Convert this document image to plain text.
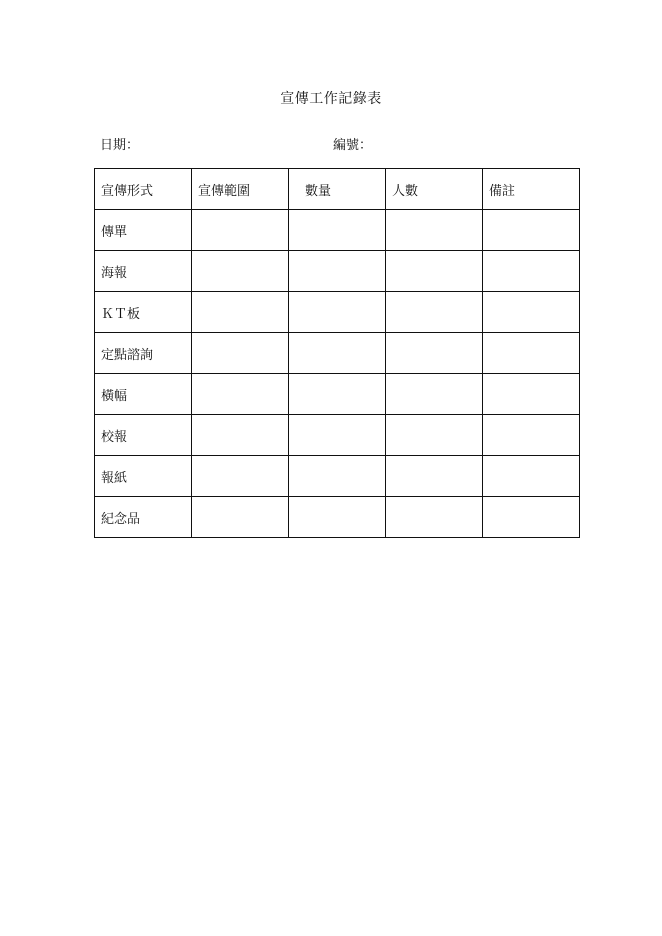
宣傳工作記錄表
日期：	編號：
宣傳形式	宣傳範圍	數量	人數	備註
傳單				
海報				
ＫＴ板				
定點諮詢				
橫幅				
校報				
報紙				
紀念品				
